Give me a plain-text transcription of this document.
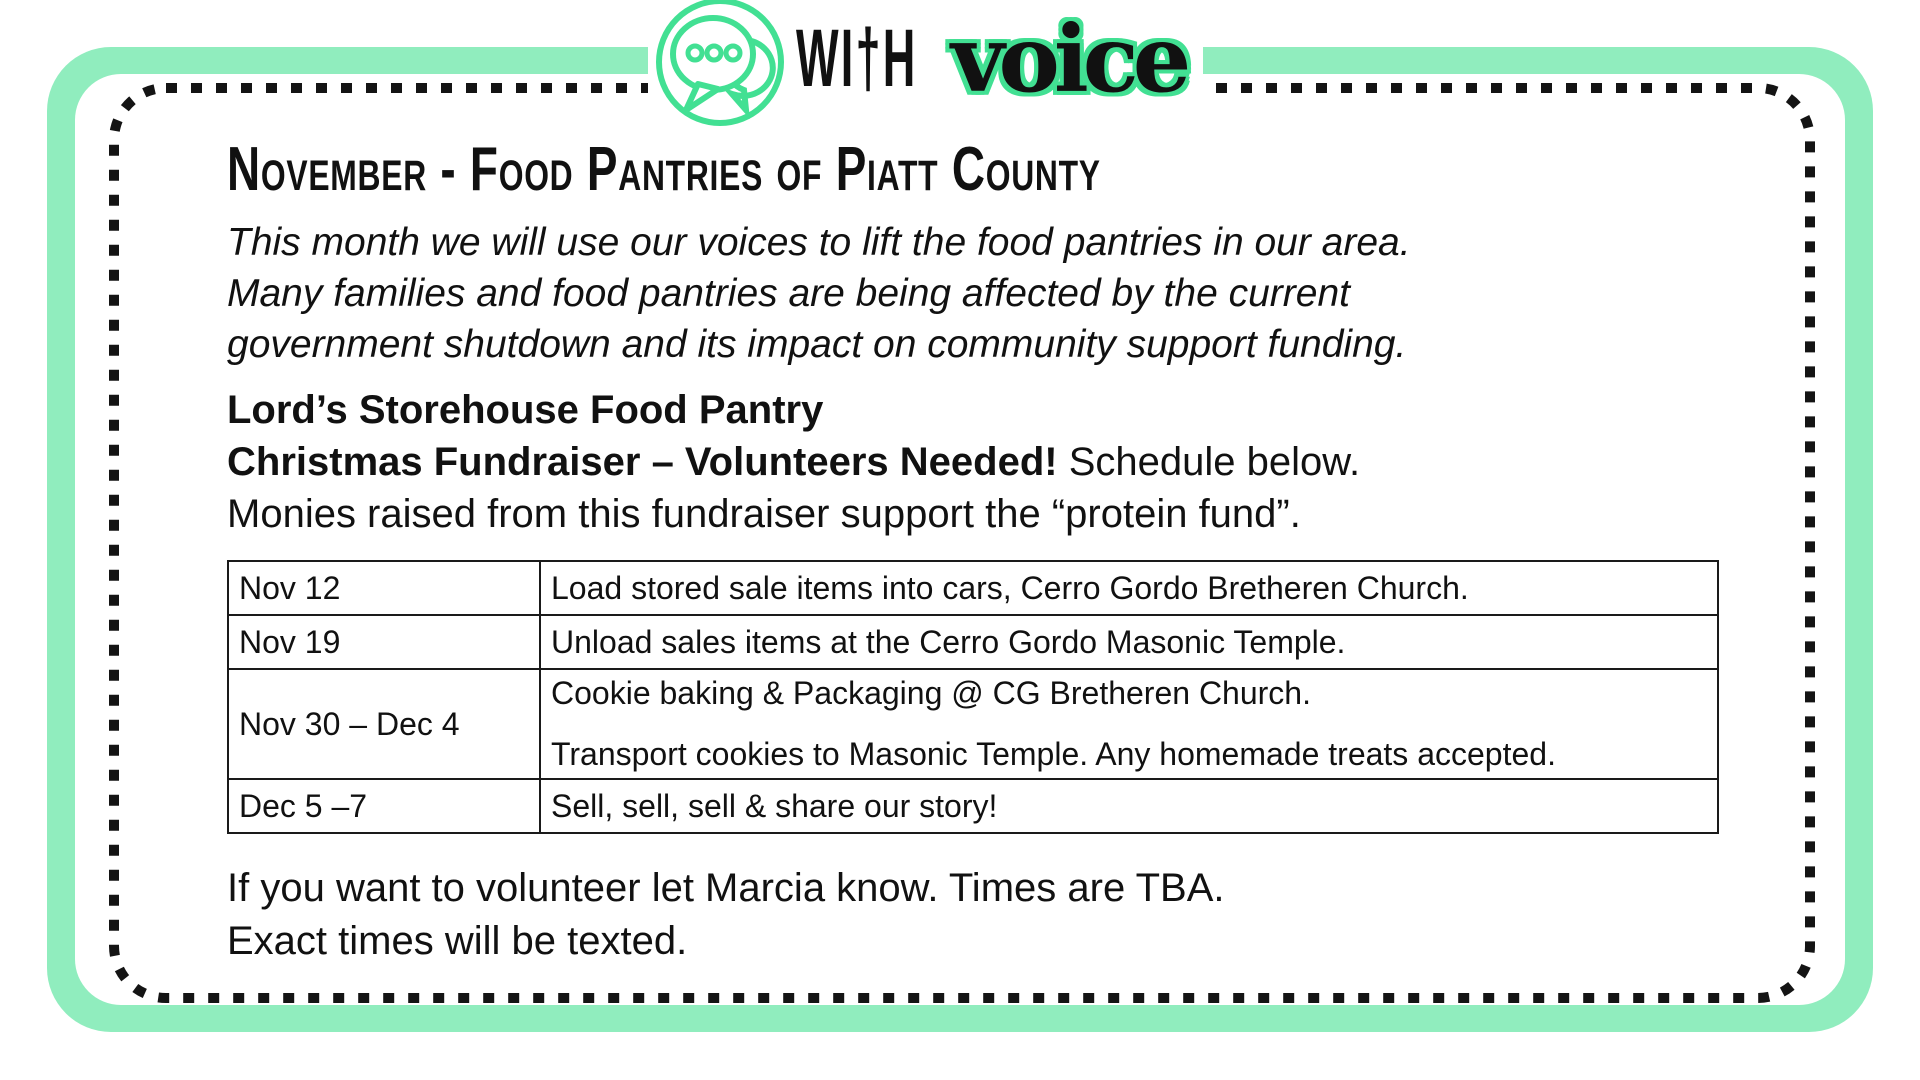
WI†H voice
November - Food Pantries of Piatt County
This month we will use our voices to lift the food pantries in our area.
Many families and food pantries are being affected by the current
government shutdown and its impact on community support funding.
Lord’s Storehouse Food Pantry
Christmas Fundraiser – Volunteers Needed! Schedule below.
Monies raised from this fundraiser support the “protein fund”.
Nov 12	Load stored sale items into cars, Cerro Gordo Bretheren Church.
Nov 19	Unload sales items at the Cerro Gordo Masonic Temple.
Nov 30 – Dec 4	Cookie baking & Packaging @ CG Bretheren Church.
Transport cookies to Masonic Temple. Any homemade treats accepted.

Dec 5 –7	Sell, sell, sell & share our story!
If you want to volunteer let Marcia know. Times are TBA.
Exact times will be texted.
